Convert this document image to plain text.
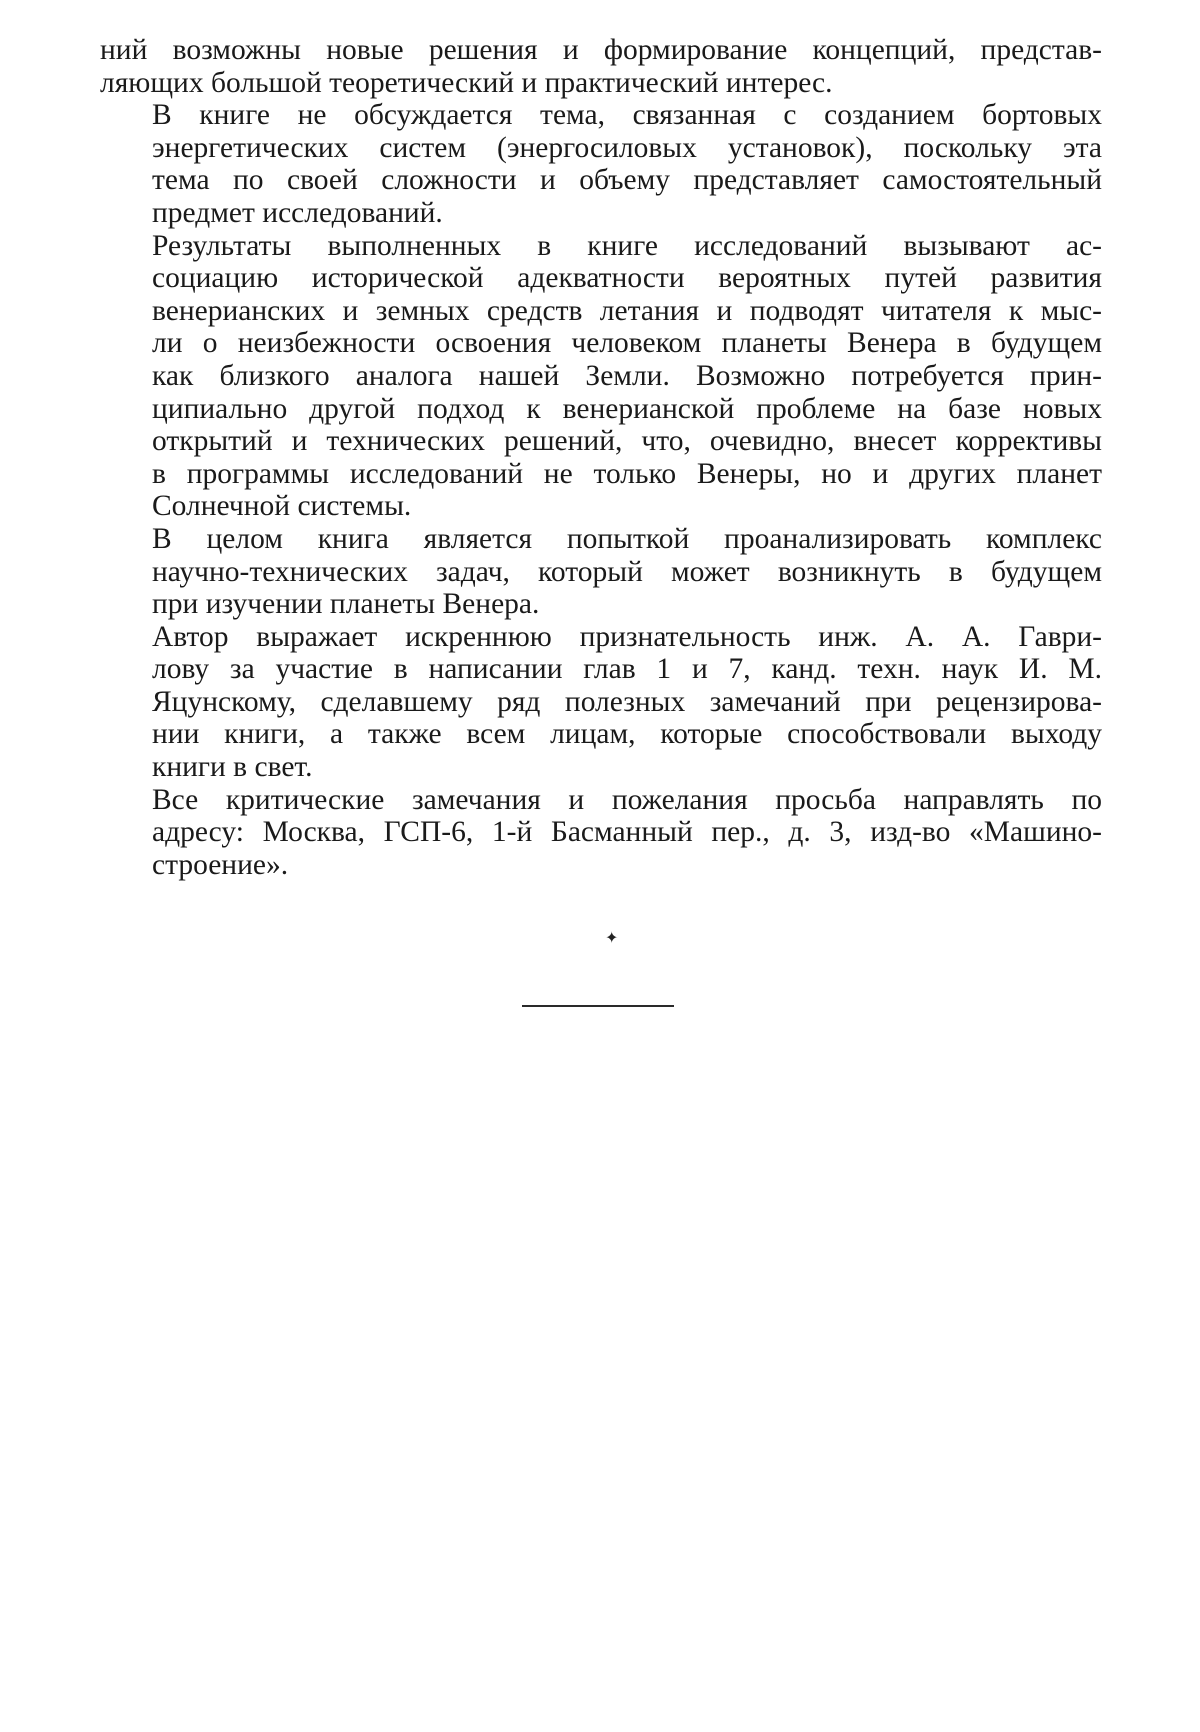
ний возможны новые решения и формирование концепций, представ-
ляющих большой теоретический и практический интерес.

В книге не обсуждается тема, связанная с созданием бортовых
энергетических систем (энергосиловых установок), поскольку эта
тема по своей сложности и объему представляет самостоятельный
предмет исследований.

Результаты выполненных в книге исследований вызывают ас-
социацию исторической адекватности вероятных путей развития
венерианских и земных средств летания и подводят читателя к мыс-
ли о неизбежности освоения человеком планеты Венера в будущем
как близкого аналога нашей Земли. Возможно потребуется прин-
ципиально другой подход к венерианской проблеме на базе новых
открытий и технических решений, что, очевидно, внесет коррективы
в программы исследований не только Венеры, но и других планет
Солнечной системы.

В целом книга является попыткой проанализировать комплекс
научно-технических задач, который может возникнуть в будущем
при изучении планеты Венера.

Автор выражает искреннюю признательность инж. А. А. Гаври-
лову за участие в написании глав 1 и 7, канд. техн. наук И. М.
Яцунскому, сделавшему ряд полезных замечаний при рецензирова-
нии книги, а также всем лицам, которые способствовали выходу
книги в свет.

Все критические замечания и пожелания просьба направлять по
адресу: Москва, ГСП-6, 1-й Басманный пер., д. 3, изд-во «Машино-
строение».

✦
